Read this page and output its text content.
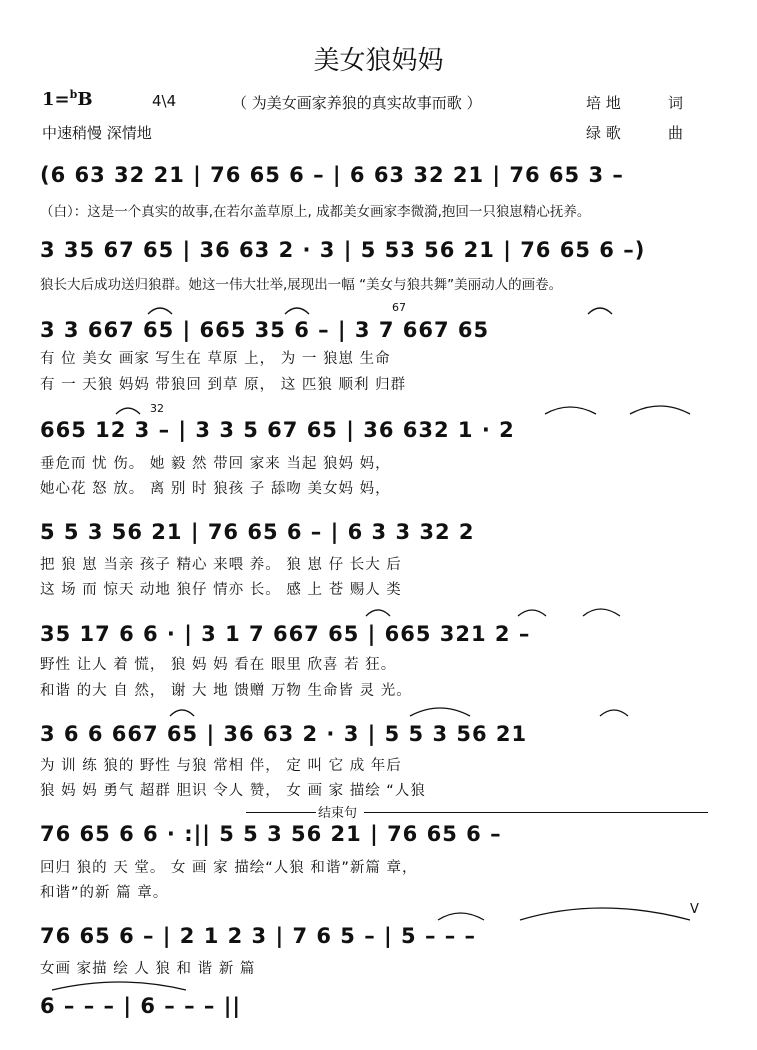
美女狼妈妈
1=$^b$B	4\4	（ 为美女画家养狼的真实故事而歌 ）	培 地	词
中速稍慢 深情地	绿 歌	曲
(6 63 32 21 | 76 65 6 – | 6 63 32 21 | 76 65 3 –
（白）：这是一个真实的故事,在若尔盖草原上, 成都美女画家李微漪,抱回一只狼崽精心抚养。
3 35 67 65 | 36 63 2 · 3 | 5 53 56 21 | 76 65 6 –)
狼长大后成功送归狼群。她这一伟大壮举,展现出一幅 “美女与狼共舞”美丽动人的画卷。
67
3 3 667 65 | 665 35 6 – | 3 7 667 65
有 位 美女 画家 写生在 草原 上， 为 一 狼崽 生命
有 一 天狼 妈妈 带狼回 到草 原， 这 匹狼 顺利 归群
32
665 12 3 – | 3 3 5 67 65 | 36 632 1 · 2
垂危而 忧 伤。 她 毅 然 带回 家来 当起 狼妈 妈，
她心花 怒 放。 离 别 时 狼孩 子 舔吻 美女妈 妈，
5 5 3 56 21 | 76 65 6 – | 6 3 3 32 2
把 狼 崽 当亲 孩子 精心 来喂 养。 狼 崽 仔 长大 后
这 场 而 惊天 动地 狼仔 情亦 长。 感 上 苍 赐人 类
35 17 6 6 · | 3 1 7 667 65 | 665 321 2 –
野性 让人 着 慌， 狼 妈 妈 看在 眼里 欣喜 若 狂。
和谐 的大 自 然， 谢 大 地 馈赠 万物 生命皆 灵 光。
3 6 6 667 65 | 36 63 2 · 3 | 5 5 3 56 21
为 训 练 狼的 野性 与狼 常相 伴， 定 叫 它 成 年后
狼 妈 妈 勇气 超群 胆识 令人 赞， 女 画 家 描绘 “人狼
结束句
76 65 6 6 · :|| 5 5 3 56 21 | 76 65 6 –
回归 狼的 天 堂。 女 画 家 描绘“人狼 和谐”新篇 章，
和谐”的新 篇 章。
V
76 65 6 – | 2 1 2 3 | 7 6 5 – | 5 – – –
女画 家描 绘 人 狼 和 谐 新 篇
6 – – – | 6 – – – ||
